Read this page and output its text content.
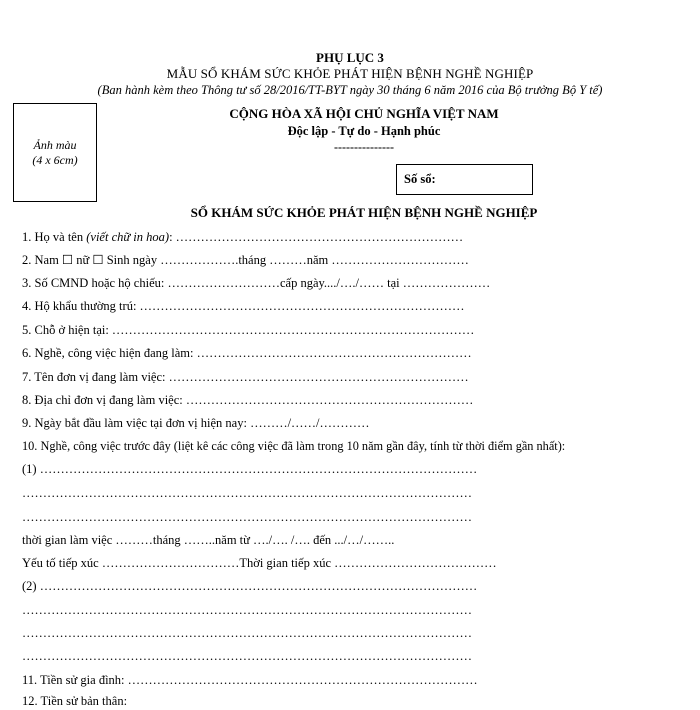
PHỤ LỤC 3
MẪU SỔ KHÁM SỨC KHỎE PHÁT HIỆN BỆNH NGHỀ NGHIỆP
(Ban hành kèm theo Thông tư số 28/2016/TT-BYT ngày 30 tháng 6 năm 2016 của Bộ trưởng Bộ Y tế)
CỘNG HÒA XÃ HỘI CHỦ NGHĨA VIỆT NAM
Độc lập - Tự do - Hạnh phúc
---------------
Ảnh màu
(4 x 6cm)
Số sổ:
SỔ KHÁM SỨC KHỎE PHÁT HIỆN BỆNH NGHỀ NGHIỆP
1. Họ và tên (viết chữ in hoa): ……………………………………………………………
2. Nam ☐ nữ ☐ Sinh ngày ……………….tháng ………năm ……………………………
3. Số CMND hoặc hộ chiếu: ………………………cấp ngày..../…./…… tại …………………
4. Hộ khẩu thường trú: ……………………………………………………………………
5. Chỗ ở hiện tại: ……………………………………………………………………………
6. Nghề, công việc hiện đang làm: …………………………………………………………
7. Tên đơn vị đang làm việc: ………………………………………………………………
8. Địa chỉ đơn vị đang làm việc: ……………………………………………………………
9. Ngày bắt đầu làm việc tại đơn vị hiện nay: ………/……/…………
10. Nghề, công việc trước đây (liệt kê các công việc đã làm trong 10 năm gần đây, tính từ thời điểm gần nhất):
(1) ……………………………………………………………………………………………
………………………………………………………………………………………………
………………………………………………………………………………………………
thời gian làm việc ………tháng ……..năm từ …./…. /…. đến .../…/……..
Yếu tố tiếp xúc ……………………………Thời gian tiếp xúc …………………………………
(2) ……………………………………………………………………………………………
………………………………………………………………………………………………
………………………………………………………………………………………………
………………………………………………………………………………………………
11. Tiền sử gia đình: …………………………………………………………………………
12. Tiền sử bản thân:
